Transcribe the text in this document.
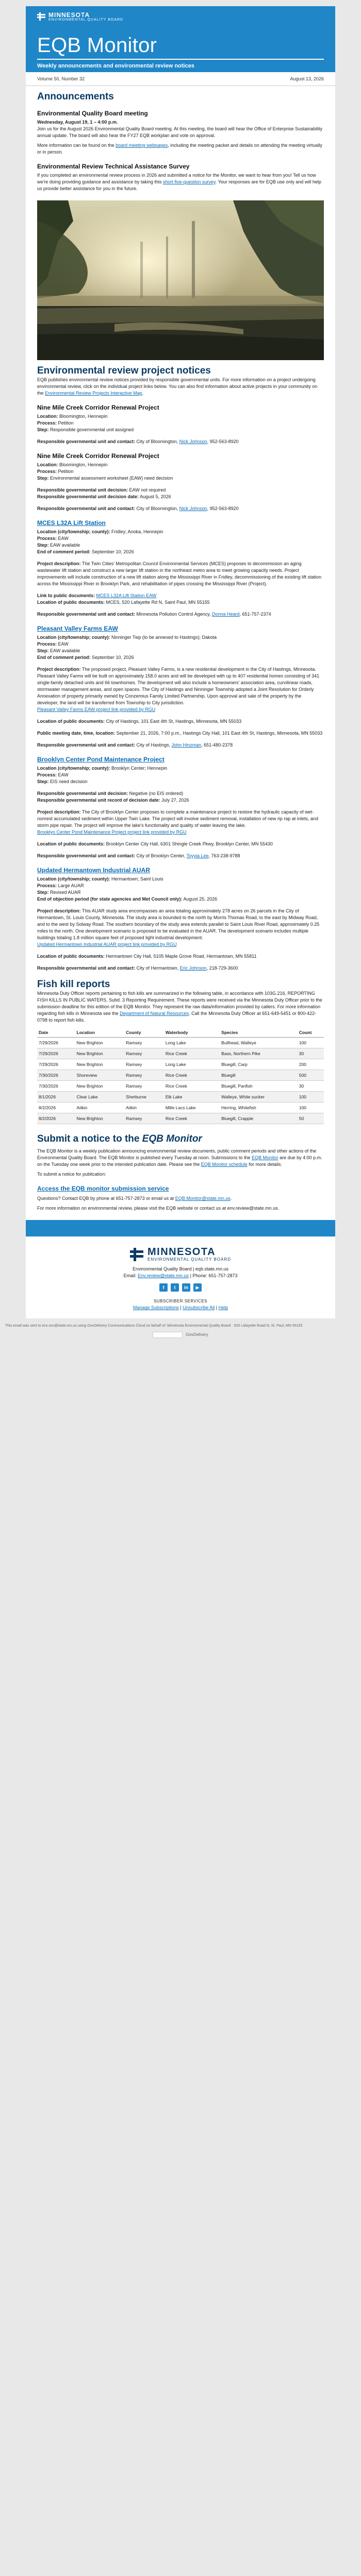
MINNESOTA
ENVIRONMENTAL QUALITY BOARD
EQB Monitor
Weekly announcements and environmental review notices
Volume 50, Number 32	August 13, 2026
Announcements
Environmental Quality Board meeting

Wednesday, August 19, 1 – 4:00 p.m.
Join us for the August 2026 Environmental Quality Board meeting. At this meeting, the board will hear the Office of Enterprise Sustainability annual update. The board will also hear the FY27 EQB workplan and vote on approval.

More information can be found on the board meeting webpages, including the meeting packet and details on attending the meeting virtually or in person.

Environmental Review Technical Assistance Survey

If you completed an environmental review process in 2026 and submitted a notice for the Monitor, we want to hear from you! Tell us how we're doing providing guidance and assistance by taking this short five-question survey. Your responses are for EQB use only and will help us provide better assistance for you in the future.

Environmental review project notices

EQB publishes environmental review notices provided by responsible governmental units. For more information on a project undergoing environmental review, click on the individual project links below. You can also find information about active projects in your community on the Environmental Review Projects Interactive Map.

Nine Mile Creek Corridor Renewal Project
Location: Bloomington, Hennepin
Process: Petition
Step: Responsible governmental unit assigned
Responsible governmental unit and contact: City of Bloomington, Nick Johnson, 952-563-8920
Nine Mile Creek Corridor Renewal Project
Location: Bloomington, Hennepin
Process: Petition
Step: Environmental assessment worksheet (EAW) need decision
Responsible governmental unit decision: EAW not required
Responsible governmental unit decision date: August 5, 2026
Responsible governmental unit and contact: City of Bloomington, Nick Johnson, 952-563-8920
MCES L32A Lift Station
Location (city/township; county): Fridley; Anoka, Hennepin
Process: EAW
Step: EAW available
End of comment period: September 10, 2026
Project description: The Twin Cities' Metropolitan Council Environmental Services (MCES) proposes to decommission an aging wastewater lift station and construct a new larger lift station in the northeast metro area to meet growing capacity needs. Project improvements will include construction of a new lift station along the Mississippi River in Fridley, decommissioning of the existing lift station across the Mississippi River in Brooklyn Park, and rehabilitation of pipes crossing the Mississippi River (Project).
Link to public documents: MCES L32A Lift Station EAW
Location of public documents: MCES, 520 Lafayette Rd N, Saint Paul, MN 55155
Responsible governmental unit and contact: Minnesota Pollution Control Agency, Donna Heard, 651-757-2374
Pleasant Valley Farms EAW
Location (city/township; county): Ninninger Twp (to be annexed to Hastings); Dakota
Process: EAW
Step: EAW available
End of comment period: September 10, 2026
Project description: The proposed project, Pleasant Valley Farms, is a new residential development in the City of Hastings, Minnesota. Pleasant Valley Farms will be built on approximately 158.0 acres and will be developed with up to 407 residential homes consisting of 341 single-family detached units and 66 townhomes. The development will also include a homeowners' association area, curvilinear roads, stormwater management areas, and open spaces. The City of Hastings and Ninninger Township adopted a Joint Resolution for Orderly Annexation of property primarily owned by Conzemius Family Limited Partnership. Upon approval and sale of the property by the developer, the land will be transferred from Township to City jurisdiction.
Pleasant Valley Farms EAW project link provided by RGU
Location of public documents: City of Hastings, 101 East 4th St, Hastings, Minnesota, MN 55033
Public meeting date, time, location: September 21, 2026, 7:00 p.m., Hastings City Hall, 101 East 4th St, Hastings, Minnesota, MN 55033
Responsible governmental unit and contact: City of Hastings, John Hinzman, 651-480-2378
Brooklyn Center Pond Maintenance Project
Location (city/township; county): Brooklyn Center; Hennepin
Process: EAW
Step: EIS need decision
Responsible governmental unit decision: Negative (no EIS ordered)
Responsible governmental unit record of decision date: July 27, 2026
Project description: The City of Brooklyn Center proposes to complete a maintenance project to restore the hydraulic capacity of wet-nonrest accumulated sediment within Upper Twin Lake. The project will involve sediment removal, installation of new rip rap at inlets, and storm pipe repair. The project will improve the lake's functionality and quality of water leaving the lake.
Brooklyn Center Pond Maintenance Project project link provided by RGU
Location of public documents: Brooklyn Center City Hall, 6301 Shingle Creek Pkwy, Brooklyn Center, MN 55430
Responsible governmental unit and contact: City of Brooklyn Center, Toyyia Lee, 763-238-9788
Updated Hermantown Industrial AUAR
Location (city/township; county): Hermantown; Saint Louis
Process: Large AUAR
Step: Revised AUAR
End of objection period (for state agencies and Met Council only): August 25, 2026
Project description: This AUAR study area encompasses an area totaling approximately 278 acres on 26 parcels in the City of Hermantown, St. Louis County, Minnesota. The study area is bounded to the north by Morris Thomas Road, to the east by Midway Road, and to the west by Solway Road. The southern boundary of the study area extends parallel to Saint Louis River Road, approximately 0.25 miles to the north. One development scenario is proposed to be evaluated in the AUAR. The development scenario includes multiple buildings totaling 1.8 million square feet of proposed light industrial development.
Updated Hermantown Industrial AUAR project link provided by RGU
Location of public documents: Hermantown City Hall, 5105 Maple Grove Road, Hermantown, MN 55811
Responsible governmental unit and contact: City of Hermantown, Eric Johnson, 218-729-3600
Fish kill reports

Minnesota Duty Officer reports pertaining to fish kills are summarized in the following table, in accordance with 103G.216, REPORTING FISH KILLS IN PUBLIC WATERS, Subd. 3 Reporting Requirement. These reports were received via the Minnesota Duty Officer prior to the submission deadline for this edition of the EQB Monitor. They represent the raw data/information provided by callers. For more information regarding fish kills in Minnesota see the Department of Natural Resources. Call the Minnesota Duty Officer at 651-649-5451 or 800-422-0798 to report fish kills.

Date	Location	County	Waterbody	Species	Count
7/29/2026	New Brighton	Ramsey	Long Lake	Bullhead, Walleye	100
7/29/2026	New Brighton	Ramsey	Rice Creek	Bass, Northern Pike	30
7/29/2026	New Brighton	Ramsey	Long Lake	Bluegill, Carp	200
7/30/2026	Shoreview	Ramsey	Rice Creek	Bluegill	500
7/30/2026	New Brighton	Ramsey	Rice Creek	Bluegill, Panfish	30
8/1/2026	Clear Lake	Sherburne	Elk Lake	Walleye, White sucker	100
8/2/2026	Aitkin	Aitkin	Mille Lacs Lake	Herring, Whitefish	100
8/2/2026	New Brighton	Ramsey	Rice Creek	Bluegill, Crappie	50
Submit a notice to the EQB Monitor

The EQB Monitor is a weekly publication announcing environmental review documents, public comment periods and other actions of the Environmental Quality Board. The EQB Monitor is published every Tuesday at noon. Submissions to the EQB Monitor are due by 4:00 p.m. on the Tuesday one week prior to the intended publication date. Please see the EQB Monitor schedule for more details.

To submit a notice for publication:

Access the EQB monitor submission service

Questions? Contact EQB by phone at 651-757-2873 or email us at EQB.Monitor@state.mn.us.

For more information on environmental review, please visit the EQB website or contact us at env.review@state.mn.us.

MINNESOTA
ENVIRONMENTAL QUALITY BOARD
Environmental Quality Board | eqb.state.mn.us
Email: Env.review@state.mn.us | Phone: 651-757-2873
f	t	in	▶
SUBSCRIBER SERVICES
Manage Subscriptions | Unsubscribe All | Help
This email was sent to eco.ssn@state.mn.us using GovDelivery Communications Cloud on behalf of: Minnesota Environmental Quality Board · 520 Lafayette Road N, St. Paul, MN 55155
GovDelivery
